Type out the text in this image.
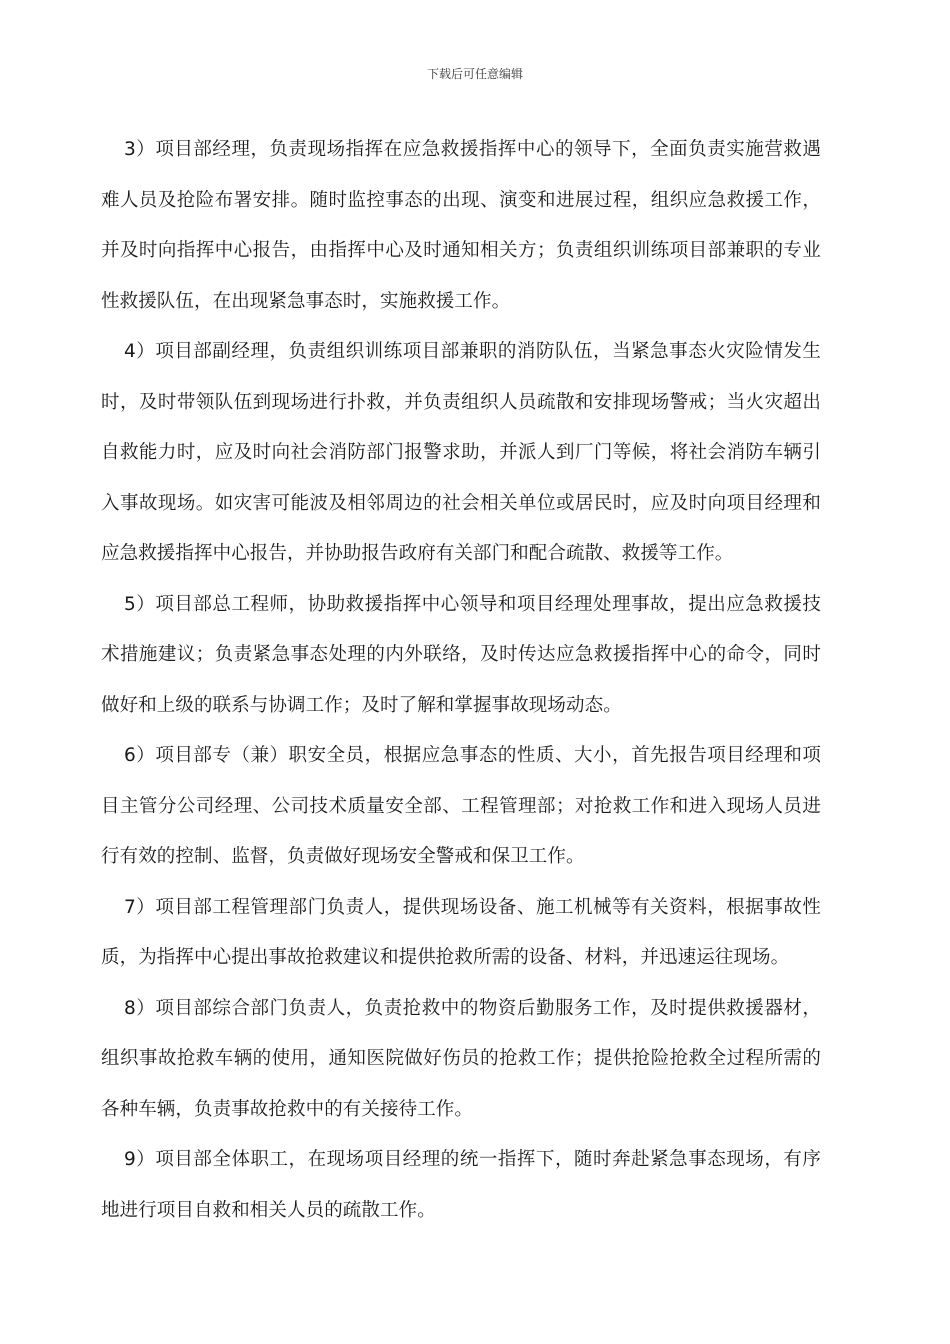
下载后可任意编辑

3）项目部经理，负责现场指挥在应急救援指挥中心的领导下，全面负责实施营救遇难人员及抢险布署安排。随时监控事态的出现、演变和进展过程，组织应急救援工作，并及时向指挥中心报告，由指挥中心及时通知相关方；负责组织训练项目部兼职的专业性救援队伍，在出现紧急事态时，实施救援工作。

4）项目部副经理，负责组织训练项目部兼职的消防队伍，当紧急事态火灾险情发生时，及时带领队伍到现场进行扑救，并负责组织人员疏散和安排现场警戒；当火灾超出自救能力时，应及时向社会消防部门报警求助，并派人到厂门等候，将社会消防车辆引入事故现场。如灾害可能波及相邻周边的社会相关单位或居民时，应及时向项目经理和应急救援指挥中心报告，并协助报告政府有关部门和配合疏散、救援等工作。

5）项目部总工程师，协助救援指挥中心领导和项目经理处理事故，提出应急救援技术措施建议；负责紧急事态处理的内外联络，及时传达应急救援指挥中心的命令，同时做好和上级的联系与协调工作；及时了解和掌握事故现场动态。

6）项目部专（兼）职安全员，根据应急事态的性质、大小，首先报告项目经理和项目主管分公司经理、公司技术质量安全部、工程管理部；对抢救工作和进入现场人员进行有效的控制、监督，负责做好现场安全警戒和保卫工作。

7）项目部工程管理部门负责人，提供现场设备、施工机械等有关资料，根据事故性质，为指挥中心提出事故抢救建议和提供抢救所需的设备、材料，并迅速运往现场。

8）项目部综合部门负责人，负责抢救中的物资后勤服务工作，及时提供救援器材，组织事故抢救车辆的使用，通知医院做好伤员的抢救工作；提供抢险抢救全过程所需的各种车辆，负责事故抢救中的有关接待工作。

9）项目部全体职工，在现场项目经理的统一指挥下，随时奔赴紧急事态现场，有序地进行项目自救和相关人员的疏散工作。
